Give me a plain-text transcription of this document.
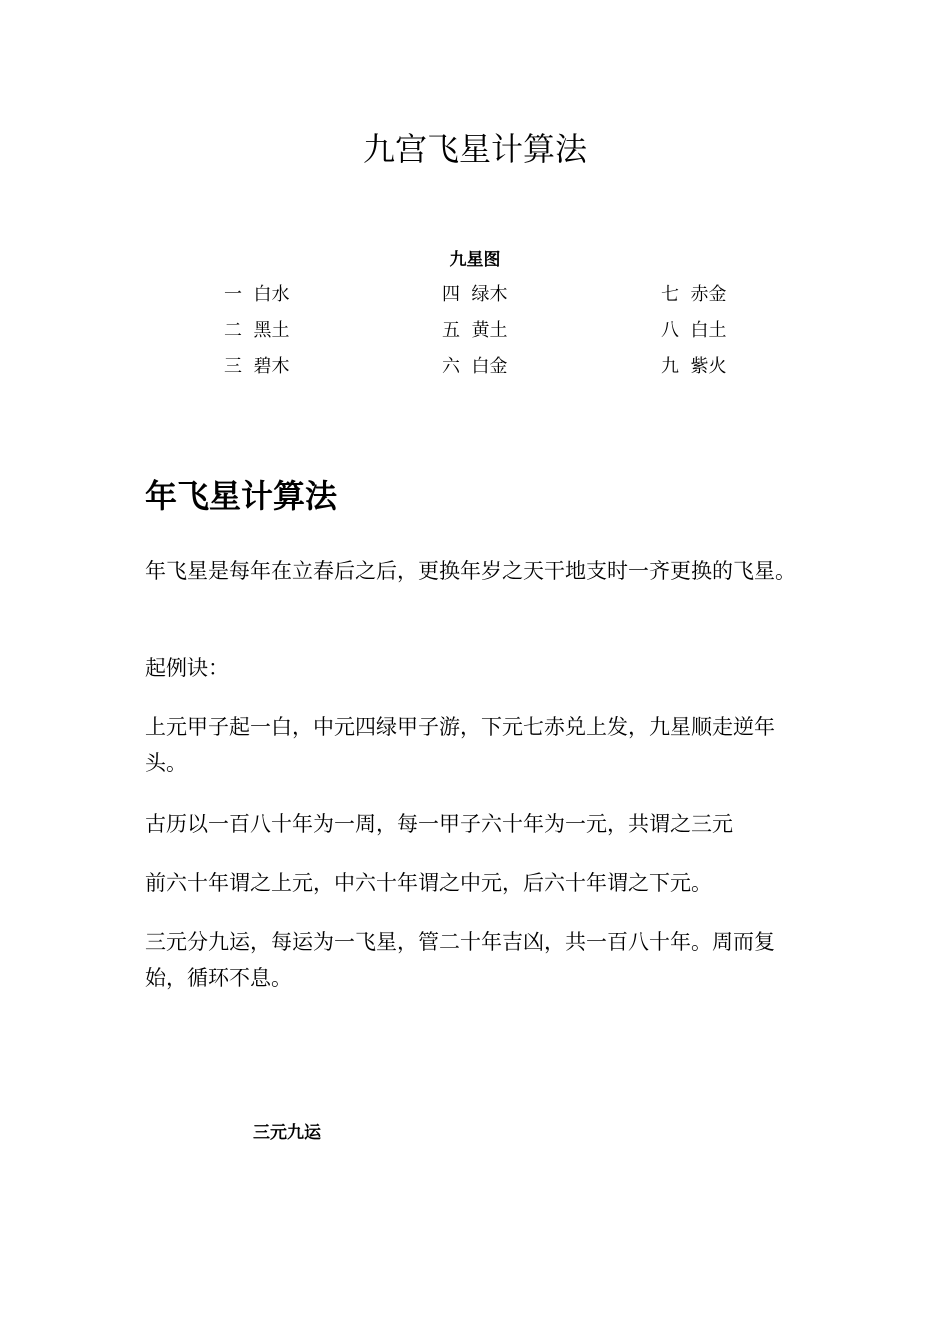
九宫飞星计算法
九星图
一  白水	四  绿木	七  赤金
二  黑土	五  黄土	八  白土
三  碧木	六  白金	九  紫火
年飞星计算法

年飞星是每年在立春后之后，更换年岁之天干地支时一齐更换的飞星。

起例诀：

上元甲子起一白，中元四绿甲子游，下元七赤兑上发，九星顺走逆年头。

古历以一百八十年为一周，每一甲子六十年为一元，共谓之三元

前六十年谓之上元，中六十年谓之中元，后六十年谓之下元。

三元分九运，每运为一飞星，管二十年吉凶，共一百八十年。周而复始，循环不息。

三元九运
